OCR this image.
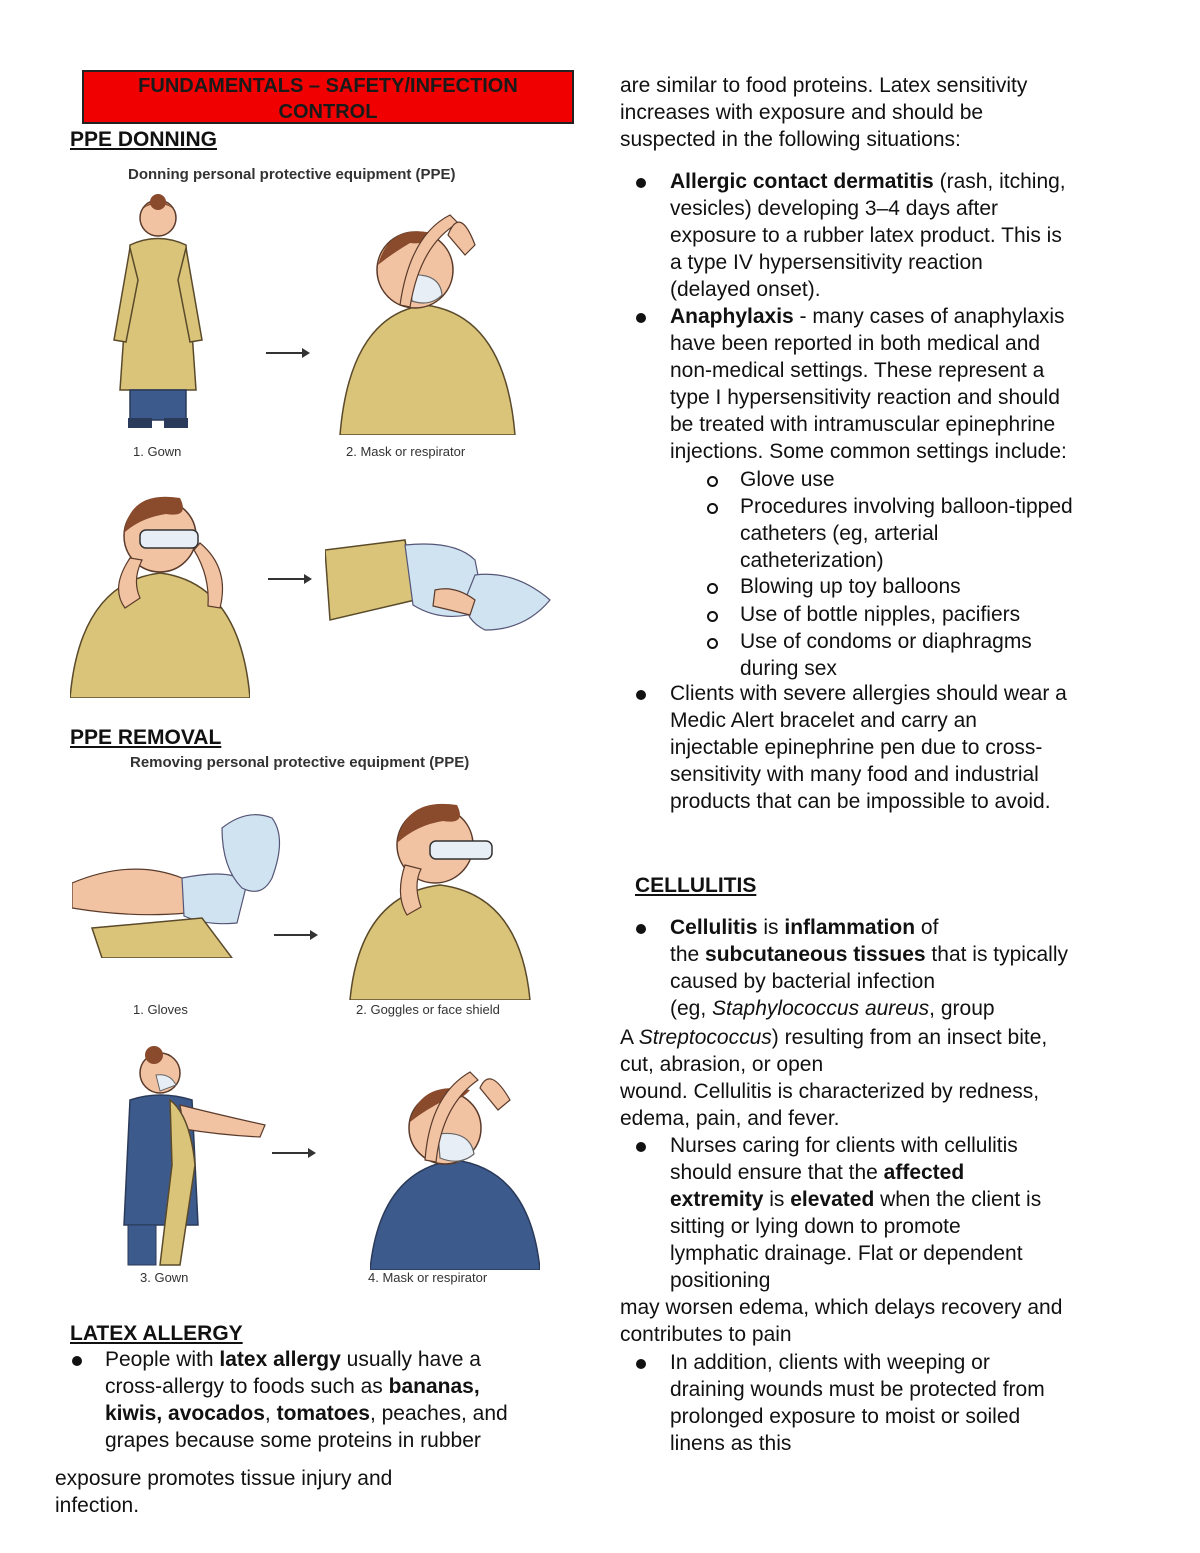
FUNDAMENTALS – SAFETY/INFECTION
CONTROL
PPE DONNING
Donning personal protective equipment (PPE)
1. Gown	2. Mask or respirator
PPE REMOVAL
Removing personal protective equipment (PPE)
1. Gloves	2. Goggles or face shield
3. Gown	4. Mask or respirator
LATEX ALLERGY
People with latex allergy usually have a
cross-allergy to foods such as bananas,
kiwis, avocados, tomatoes, peaches, and
grapes because some proteins in rubber
exposure promotes tissue injury and
infection.
are similar to food proteins. Latex sensitivity
increases with exposure and should be
suspected in the following situations:
Allergic contact dermatitis (rash, itching,
vesicles) developing 3–4 days after
exposure to a rubber latex product. This is
a type IV hypersensitivity reaction
(delayed onset).
Anaphylaxis - many cases of anaphylaxis
have been reported in both medical and
non-medical settings. These represent a
type I hypersensitivity reaction and should
be treated with intramuscular epinephrine
injections. Some common settings include:
Glove use
Procedures involving balloon-tipped
catheters (eg, arterial
catheterization)
Blowing up toy balloons
Use of bottle nipples, pacifiers
Use of condoms or diaphragms
during sex
Clients with severe allergies should wear a
Medic Alert bracelet and carry an
injectable epinephrine pen due to cross-
sensitivity with many food and industrial
products that can be impossible to avoid.
CELLULITIS
Cellulitis is inflammation of
the subcutaneous tissues that is typically
caused by bacterial infection
(eg, Staphylococcus aureus, group
A Streptococcus) resulting from an insect bite,
cut, abrasion, or open
wound. Cellulitis is characterized by redness,
edema, pain, and fever.
Nurses caring for clients with cellulitis
should ensure that the affected
extremity is elevated when the client is
sitting or lying down to promote
lymphatic drainage. Flat or dependent
positioning
may worsen edema, which delays recovery and
contributes to pain
In addition, clients with weeping or
draining wounds must be protected from
prolonged exposure to moist or soiled
linens as this
